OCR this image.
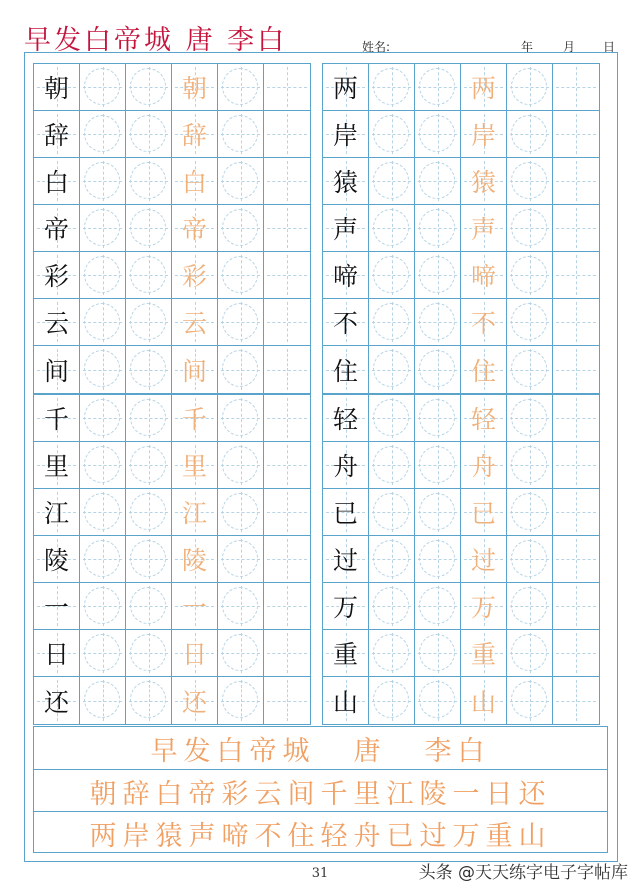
早发白帝城 唐 李白	姓名:	年 月 日
朝	朝
辞	辞
白	白
帝	帝
彩	彩
云	云
间	间
两	两
岸	岸
猿	猿
声	声
啼	啼
不	不
住	住
千	千
里	里
江	江
陵	陵
一	一
日	日
还	还
轻	轻
舟	舟
已	已
过	过
万	万
重	重
山	山
早发白帝城 唐 李白
朝辞白帝彩云间千里江陵一日还
两岸猿声啼不住轻舟已过万重山
31	头条 @天天练字电子字帖库
